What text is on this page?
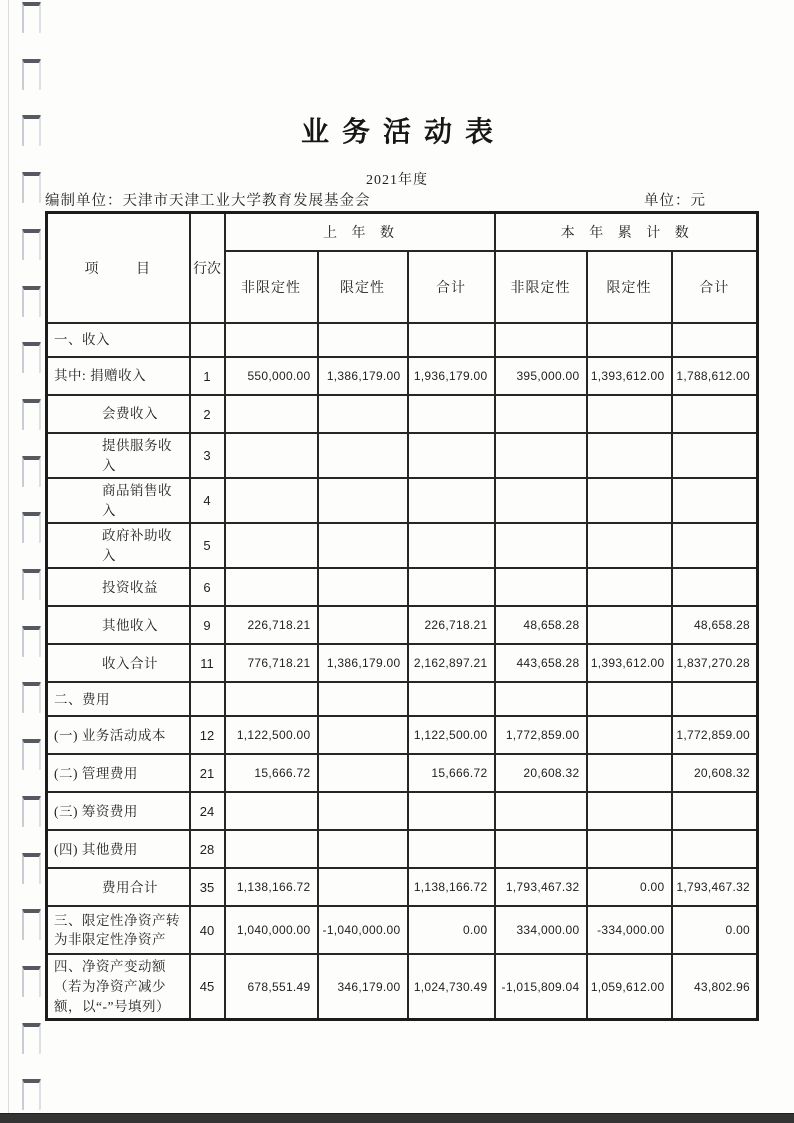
业务活动表
2021年度
编制单位：天津市天津工业大学教育发展基金会	单位：元
项 目	行次	上 年 数			本 年 累 计 数		
		非限定性	限定性	合计	非限定性	限定性	合计
一、收入							
其中: 捐赠收入	1	550,000.00	1,386,179.00	1,936,179.00	395,000.00	1,393,612.00	1,788,612.00
会费收入	2						
提供服务收入	3						
商品销售收入	4						
政府补助收入	5						
投资收益	6						
其他收入	9	226,718.21		226,718.21	48,658.28		48,658.28
收入合计	11	776,718.21	1,386,179.00	2,162,897.21	443,658.28	1,393,612.00	1,837,270.28
二、费用							
(一) 业务活动成本	12	1,122,500.00		1,122,500.00	1,772,859.00		1,772,859.00
(二) 管理费用	21	15,666.72		15,666.72	20,608.32		20,608.32
(三) 筹资费用	24						
(四) 其他费用	28						
费用合计	35	1,138,166.72		1,138,166.72	1,793,467.32	0.00	1,793,467.32
三、限定性净资产转为非限定性净资产	40	1,040,000.00	-1,040,000.00	0.00	334,000.00	-334,000.00	0.00
四、净资产变动额（若为净资产减少额，以“-”号填列）	45	678,551.49	346,179.00	1,024,730.49	-1,015,809.04	1,059,612.00	43,802.96
